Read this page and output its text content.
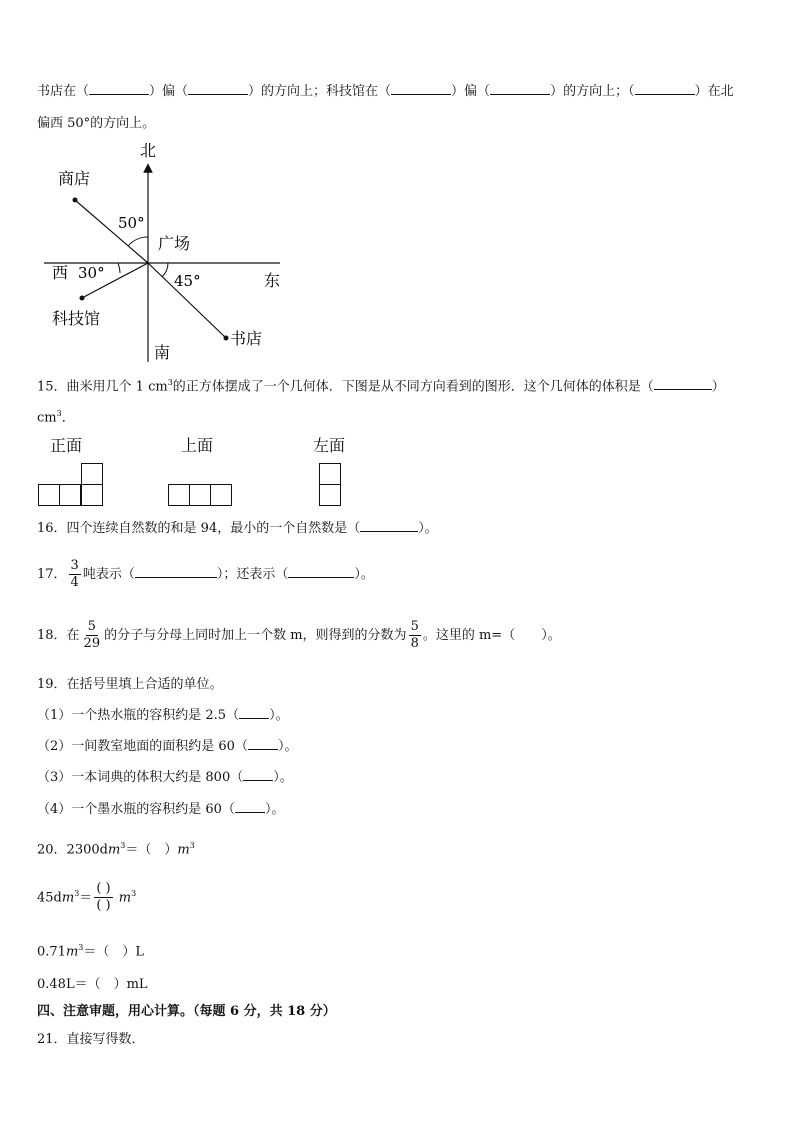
书店在（	）偏（	）的方向上；科技馆在（	）偏（	）的方向上；（	）在北
偏西 50°的方向上。
北
南
东
西
商店
广场
科技馆
书店
50°
30°	45°
15．曲米用几个 1 $cm^3$的正方体摆成了一个几何体．下图是从不同方向看到的图形．这个几何体的体积是（	）
$cm^3$．
正面	上面	左面
16．四个连续自然数的和是 94，最小的一个自然数是（	）。
17． $\frac{3}{4}$ 吨表示（	）；还表示（	）。
18．在 $\frac{5}{29}$ 的分子与分母上同时加上一个数 m，则得到的分数为 $\frac{5}{8}$ 。这里的 m=（　　）。
19．在括号里填上合适的单位。
（1）一个热水瓶的容积约是 2.5（ ）。
（2）一间教室地面的面积约是 60（ ）。
（3）一本词典的体积大约是 800（ ）。
（4）一个墨水瓶的容积约是 60（ ）。
20．$2300dm^3=$（　）$m^3$
$45dm^3= \frac{( )}{( )} m^3$
$0.71m^3=$（　）L
0.48L＝（　）mL
四、注意审题，用心计算。（每题 6 分，共 18 分）
21．直接写得数．
